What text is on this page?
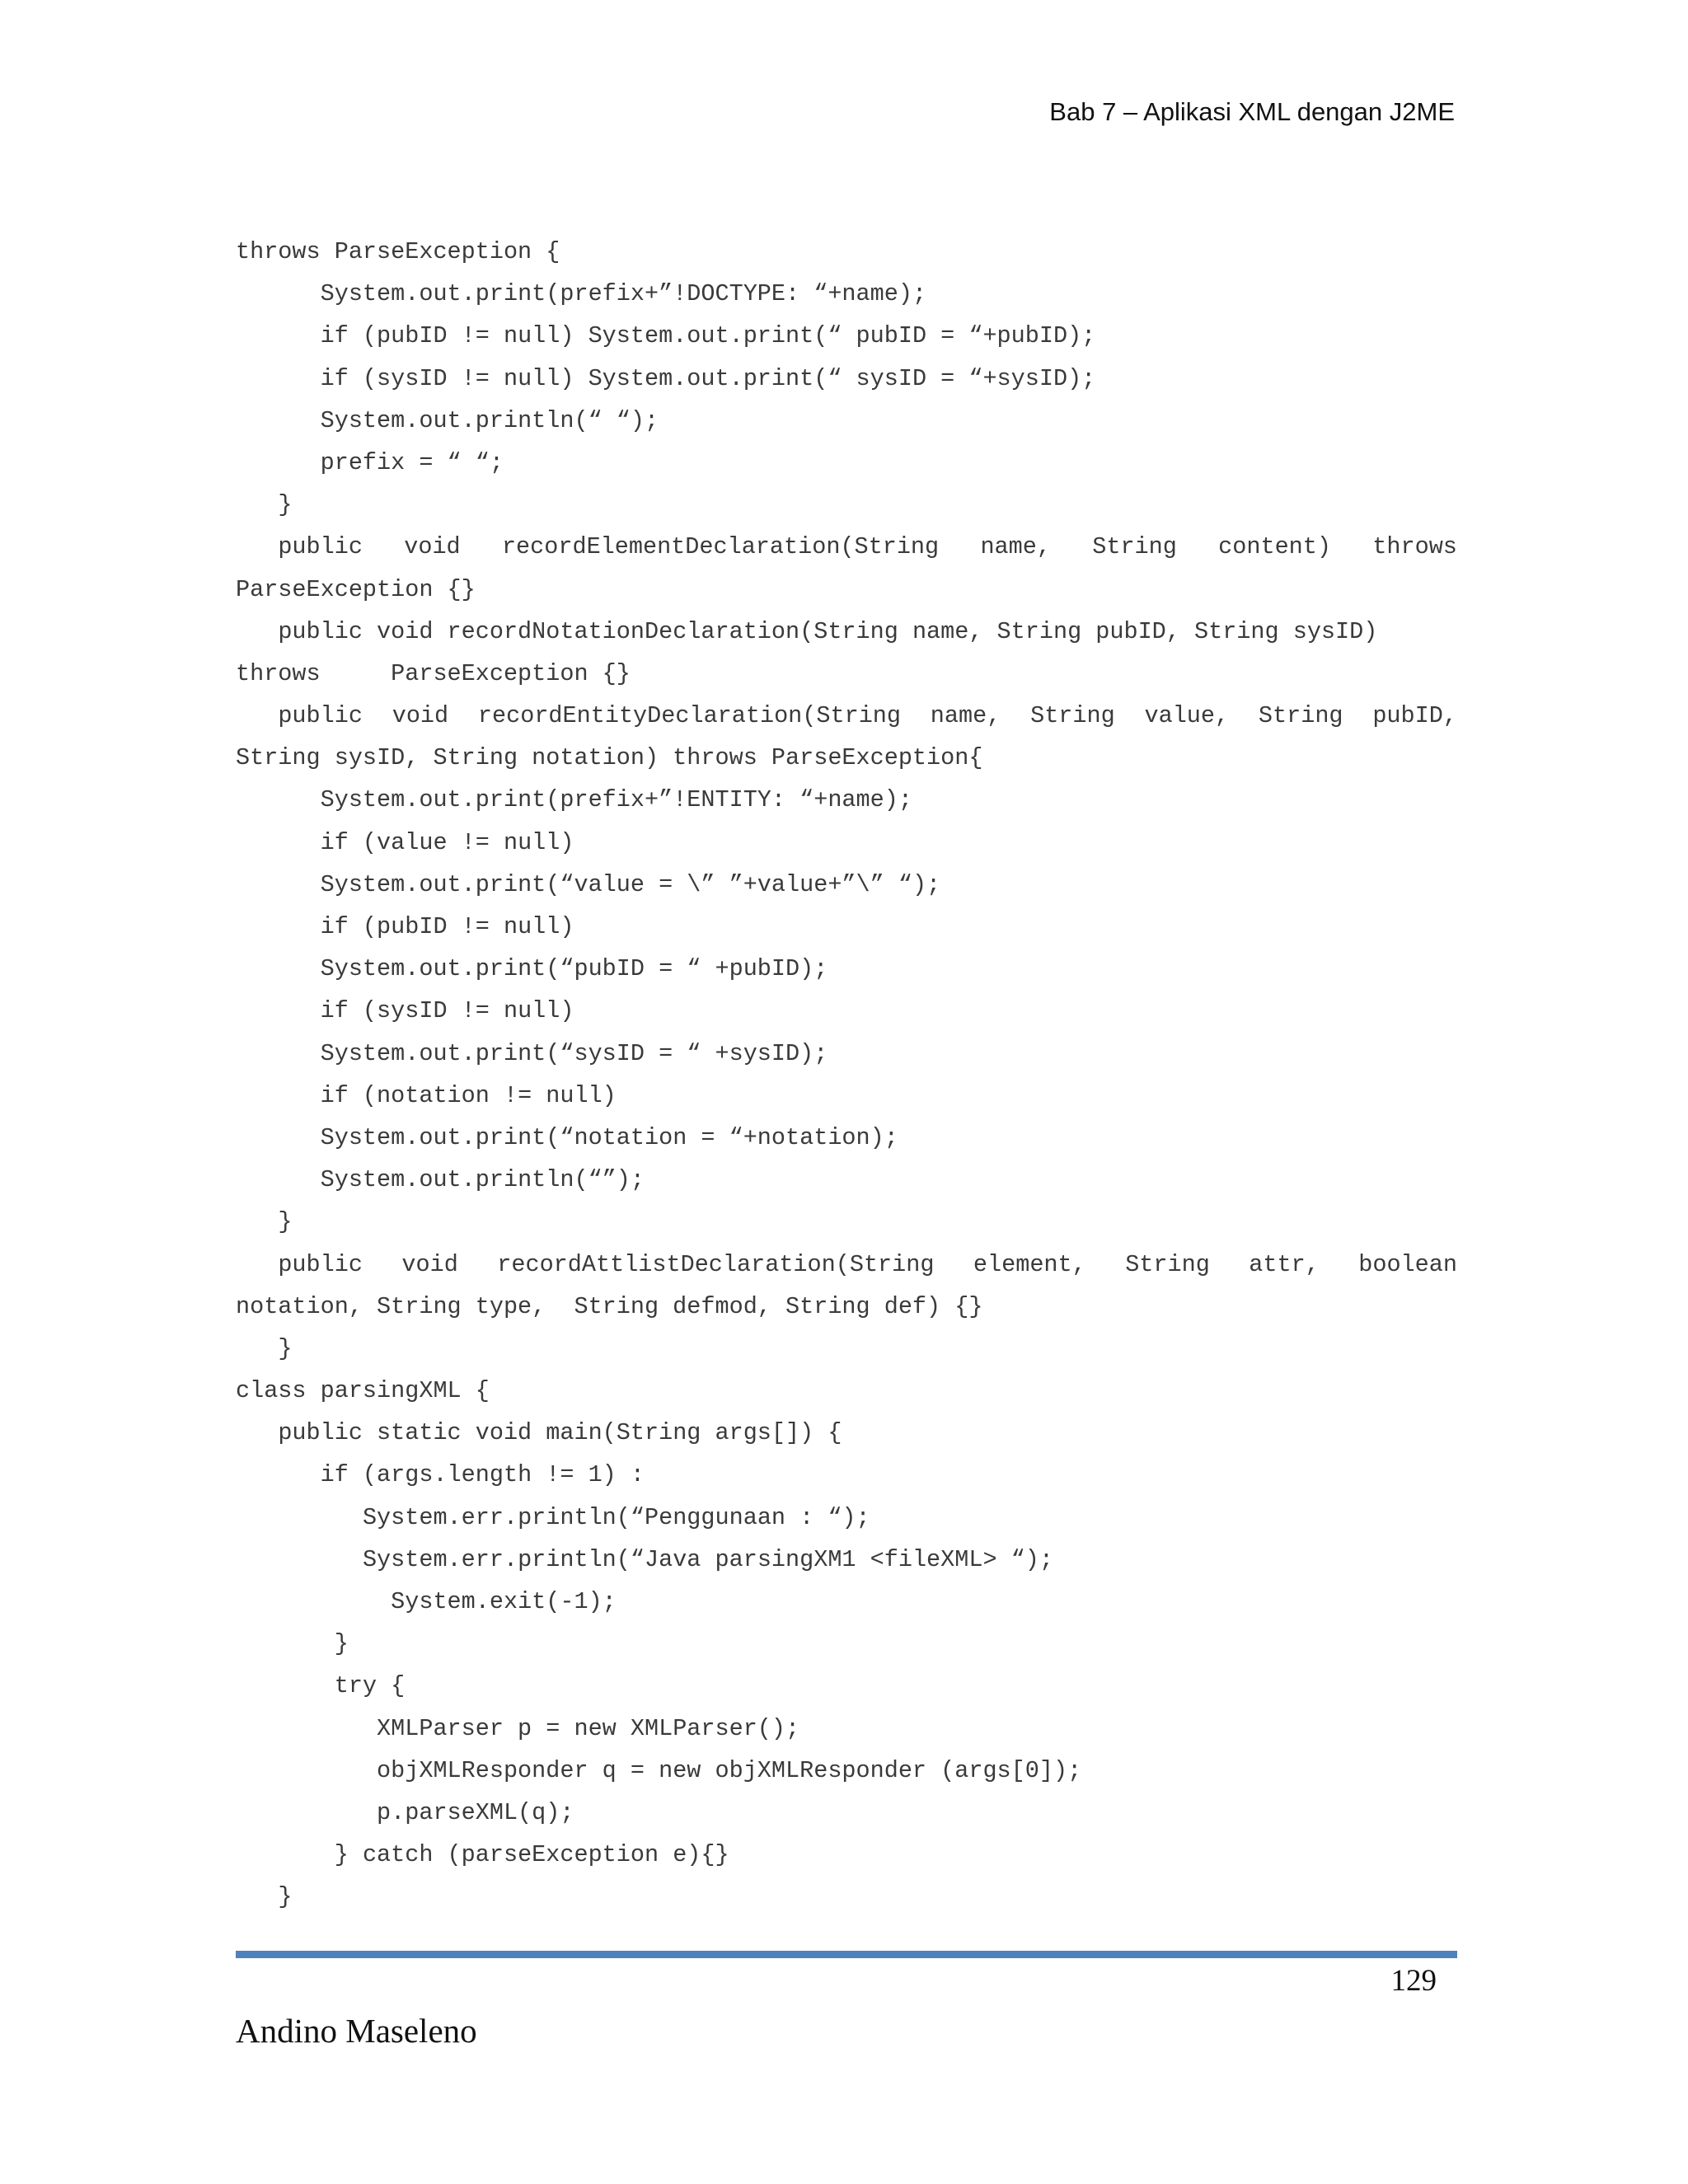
Bab 7 – Aplikasi XML dengan J2ME
throws ParseException {
System.out.print(prefix+”!DOCTYPE: “+name);
if (pubID != null) System.out.print(“ pubID = “+pubID);
if (sysID != null) System.out.print(“ sysID = “+sysID);
System.out.println(“ “);
prefix = “ “;
}

public void recordElementDeclaration(String name, String content) throws
ParseException {}

public void recordNotationDeclaration(String name, String pubID, String sysID)
throws     ParseException {}

public void recordEntityDeclaration(String name, String value, String pubID,
String sysID, String notation) throws ParseException{
System.out.print(prefix+”!ENTITY: “+name);
if (value != null)
System.out.print(“value = \” ”+value+”\” “);
if (pubID != null)
System.out.print(“pubID = “ +pubID);
if (sysID != null)
System.out.print(“sysID = “ +sysID);
if (notation != null)
System.out.print(“notation = “+notation);
System.out.println(“”);
}

public void recordAttlistDeclaration(String element, String attr, boolean
notation, String type,  String defmod, String def) {}
}
class parsingXML {
public static void main(String args[]) {
if (args.length != 1) :
System.err.println(“Penggunaan : “);
System.err.println(“Java parsingXM1 <fileXML> “);
System.exit(-1);
}
try {
XMLParser p = new XMLParser();
objXMLResponder q = new objXMLResponder (args[0]);
p.parseXML(q);
} catch (parseException e){}
}
129
Andino Maseleno
